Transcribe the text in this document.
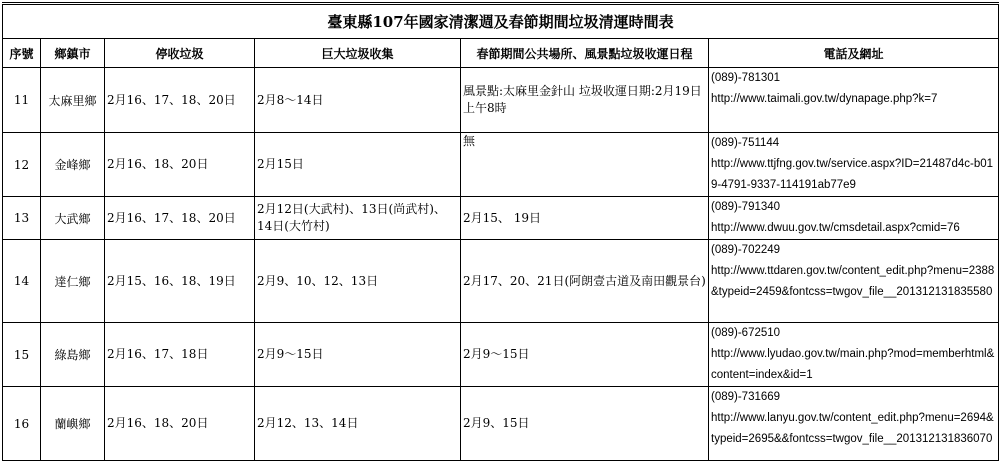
臺東縣107年國家清潔週及春節期間垃圾清運時間表					
序號	鄉鎮市	停收垃圾	巨大垃圾收集	春節期間公共場所、風景點垃圾收運日程	電話及網址
11	太麻里鄉	2月16、17、18、20日	2月8～14日	風景點:太麻里金針山 垃圾收運日期:2月19日上午8時	(089)-781301
http://www.taimali.gov.tw/dynapage.php?k=7

12	金峰鄉	2月16、18、20日	2月15日	無	(089)-751144
http://www.ttjfng.gov.tw/service.aspx?ID=21487d4c-b019-4791-9337-114191ab77e9

13	大武鄉	2月16、17、18、20日	2月12日(大武村)、13日(尚武村)、14日(大竹村)	2月15、 19日	(089)-791340
http://www.dwuu.gov.tw/cmsdetail.aspx?cmid=76

14	達仁鄉	2月15、16、18、19日	2月9、10、12、13日	2月17、20、21日(阿朗壹古道及南田觀景台)	(089)-702249
http://www.ttdaren.gov.tw/content_edit.php?menu=2388&typeid=2459&fontcss=twgov_file__201312131835580

15	綠島鄉	2月16、17、18日	2月9～15日	2月9～15日	(089)-672510
http://www.lyudao.gov.tw/main.php?mod=memberhtml&content=index&id=1

16	蘭嶼鄉	2月16、18、20日	2月12、13、14日	2月9、15日	(089)-731669
http://www.lanyu.gov.tw/content_edit.php?menu=2694&typeid=2695&&fontcss=twgov_file__201312131836070
